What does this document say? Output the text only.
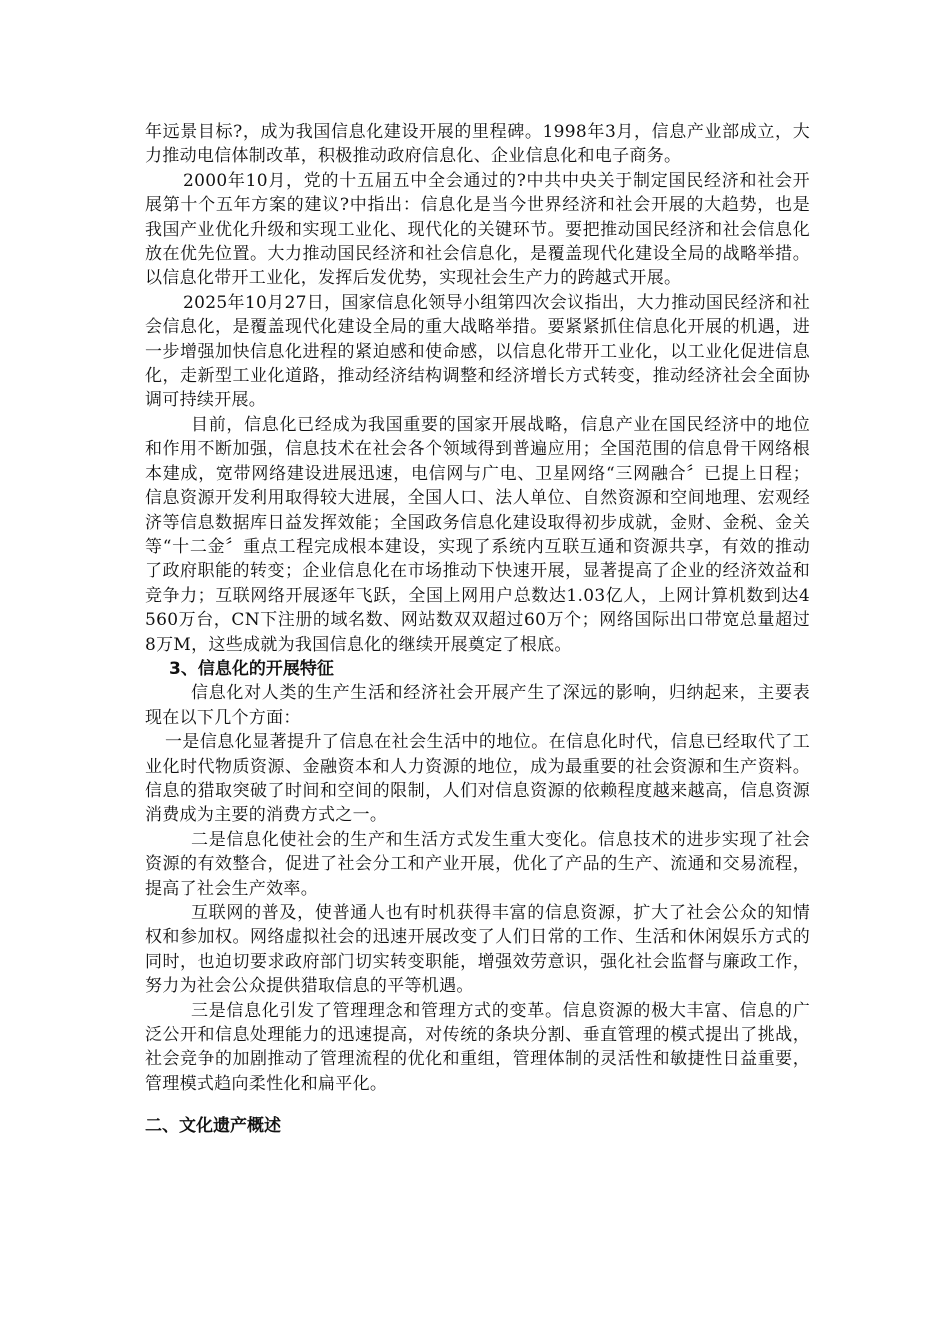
年远景目标?，成为我国信息化建设开展的里程碑。1998年3月，信息产业部成立，大力推动电信体制改革，积极推动政府信息化、企业信息化和电子商务。

2000年10月，党的十五届五中全会通过的?中共中央关于制定国民经济和社会开展第十个五年方案的建议?中指出：信息化是当今世界经济和社会开展的大趋势，也是我国产业优化升级和实现工业化、现代化的关键环节。要把推动国民经济和社会信息化放在优先位置。大力推动国民经济和社会信息化，是覆盖现代化建设全局的战略举措。以信息化带开工业化，发挥后发优势，实现社会生产力的跨越式开展。

2025年10月27日，国家信息化领导小组第四次会议指出，大力推动国民经济和社会信息化，是覆盖现代化建设全局的重大战略举措。要紧紧抓住信息化开展的机遇，进一步增强加快信息化进程的紧迫感和使命感，以信息化带开工业化，以工业化促进信息化，走新型工业化道路，推动经济结构调整和经济增长方式转变，推动经济社会全面协调可持续开展。

目前，信息化已经成为我国重要的国家开展战略，信息产业在国民经济中的地位和作用不断加强，信息技术在社会各个领域得到普遍应用；全国范围的信息骨干网络根本建成，宽带网络建设进展迅速，电信网与广电、卫星网络“三网融合〞已提上日程；信息资源开发利用取得较大进展，全国人口、法人单位、自然资源和空间地理、宏观经济等信息数据库日益发挥效能；全国政务信息化建设取得初步成就，金财、金税、金关等“十二金〞重点工程完成根本建设，实现了系统内互联互通和资源共享，有效的推动了政府职能的转变；企业信息化在市场推动下快速开展，显著提高了企业的经济效益和竞争力；互联网络开展逐年飞跃，全国上网用户总数达1.03亿人，上网计算机数到达4560万台，CN下注册的域名数、网站数双双超过60万个；网络国际出口带宽总量超过8万M，这些成就为我国信息化的继续开展奠定了根底。

3、信息化的开展特征

信息化对人类的生产生活和经济社会开展产生了深远的影响，归纳起来，主要表现在以下几个方面：

一是信息化显著提升了信息在社会生活中的地位。在信息化时代，信息已经取代了工业化时代物质资源、金融资本和人力资源的地位，成为最重要的社会资源和生产资料。信息的猎取突破了时间和空间的限制，人们对信息资源的依赖程度越来越高，信息资源消费成为主要的消费方式之一。

二是信息化使社会的生产和生活方式发生重大变化。信息技术的进步实现了社会资源的有效整合，促进了社会分工和产业开展，优化了产品的生产、流通和交易流程，提高了社会生产效率。

互联网的普及，使普通人也有时机获得丰富的信息资源，扩大了社会公众的知情权和参加权。网络虚拟社会的迅速开展改变了人们日常的工作、生活和休闲娱乐方式的同时，也迫切要求政府部门切实转变职能，增强效劳意识，强化社会监督与廉政工作，努力为社会公众提供猎取信息的平等机遇。

三是信息化引发了管理理念和管理方式的变革。信息资源的极大丰富、信息的广泛公开和信息处理能力的迅速提高，对传统的条块分割、垂直管理的模式提出了挑战，社会竞争的加剧推动了管理流程的优化和重组，管理体制的灵活性和敏捷性日益重要，管理模式趋向柔性化和扁平化。

二、文化遗产概述
